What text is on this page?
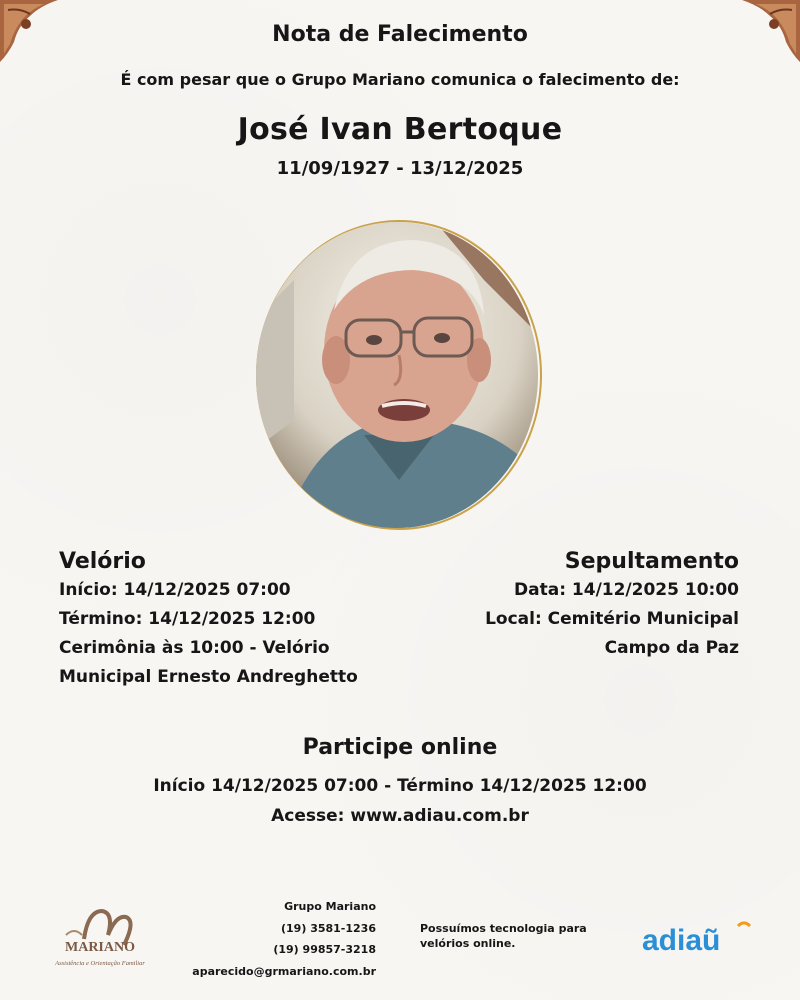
Nota de Falecimento
É com pesar que o Grupo Mariano comunica o falecimento de:
José Ivan Bertoque
11/09/1927 - 13/12/2025
Velório
Início: 14/12/2025 07:00
Término: 14/12/2025 12:00
Cerimônia às 10:00 - Velório
Municipal Ernesto Andreghetto
Sepultamento
Data: 14/12/2025 10:00
Local: Cemitério Municipal
Campo da Paz
Participe online
Início 14/12/2025 07:00 - Término 14/12/2025 12:00
Acesse: www.adiau.com.br
MARIANO
Assistência e Orientação Familiar
Grupo Mariano
(19) 3581-1236
(19) 99857-3218
aparecido@grmariano.com.br
Possuímos tecnologia para velórios online.	adiaũ
